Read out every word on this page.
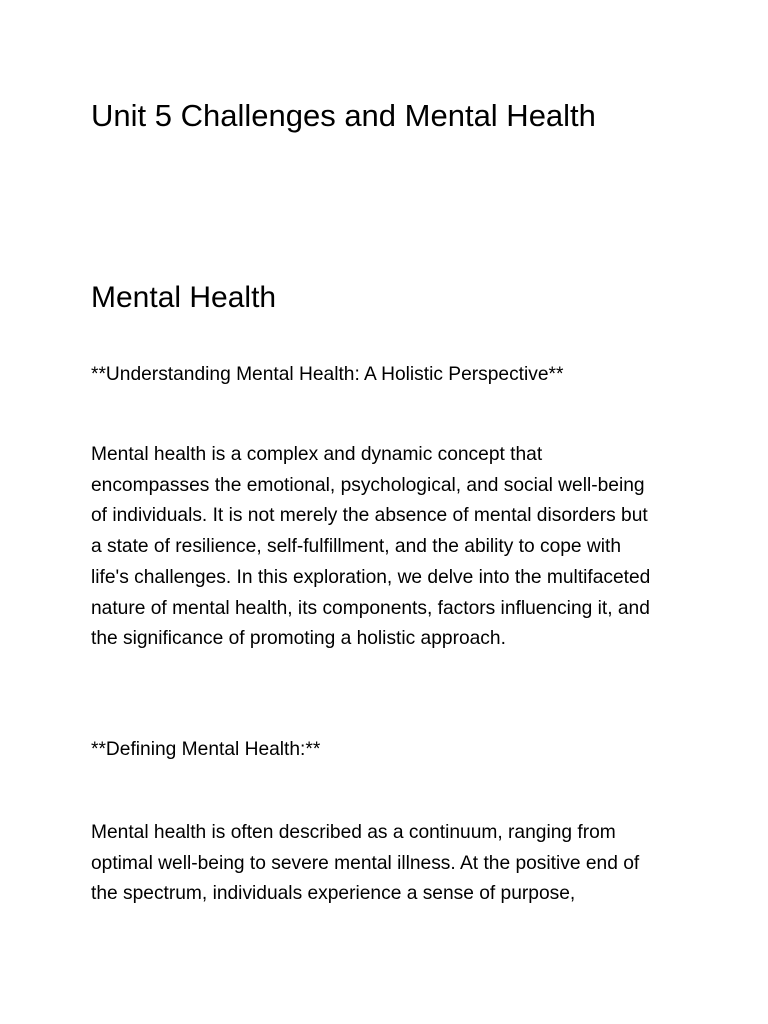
Unit 5 Challenges and Mental Health
Mental Health

**Understanding Mental Health: A Holistic Perspective**

Mental health is a complex and dynamic concept that encompasses the emotional, psychological, and social well-being of individuals. It is not merely the absence of mental disorders but a state of resilience, self-fulfillment, and the ability to cope with life's challenges. In this exploration, we delve into the multifaceted nature of mental health, its components, factors influencing it, and the significance of promoting a holistic approach.

**Defining Mental Health:**

Mental health is often described as a continuum, ranging from optimal well-being to severe mental illness. At the positive end of the spectrum, individuals experience a sense of purpose,
